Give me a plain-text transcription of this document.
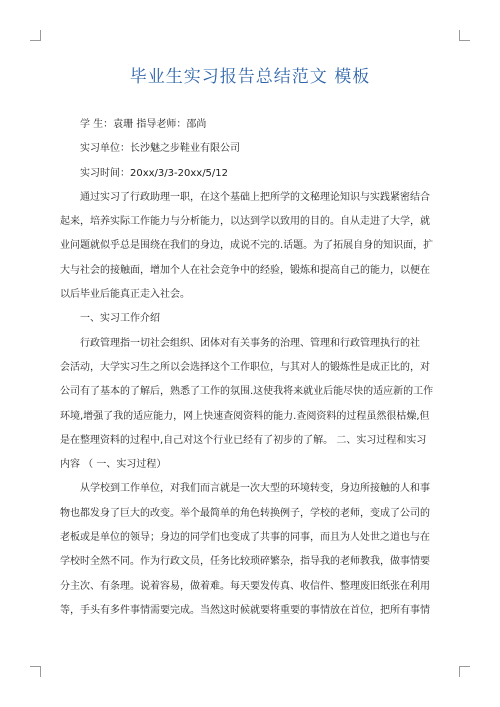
毕业生实习报告总结范文 模板
学 生：袁珊 指导老师：邵尚
实习单位：长沙魅之步鞋业有限公司
实习时间：20xx/3/3-20xx/5/12
　　通过实习了行政助理一职，在这个基础上把所学的文秘理论知识与实践紧密结合
起来，培养实际工作能力与分析能力，以达到学以致用的目的。自从走进了大学，就
业问题就似乎总是围绕在我们的身边，成说不完的.话题。为了拓展自身的知识面，扩
大与社会的接触面，增加个人在社会竞争中的经验，锻炼和提高自己的能力，以便在
以后毕业后能真正走入社会。
　　一、实习工作介绍
　　行政管理指一切社会组织、团体对有关事务的治理、管理和行政管理执行的社
会活动，大学实习生之所以会选择这个工作职位，与其对人的锻炼性是成正比的，对
公司有了基本的了解后，熟悉了工作的氛围.这使我将来就业后能尽快的适应新的工作
环境,增强了我的适应能力，网上快速查阅资料的能力.查阅资料的过程虽然很枯燥,但
是在整理资料的过程中,自己对这个行业已经有了初步的了解。 二、实习过程和实习
内容 （ 一、实习过程）
　　从学校到工作单位，对我们而言就是一次大型的环境转变，身边所接触的人和事
物也都发身了巨大的改变。举个最简单的角色转换例子，学校的老师，变成了公司的
老板或是单位的领导；身边的同学们也变成了共事的同事，而且为人处世之道也与在
学校时全然不同。作为行政文员，任务比较琐碎繁杂，指导我的老师教我，做事情要
分主次、有条理。说着容易，做着难。每天要发传真、收信件、整理废旧纸张在利用
等，手头有多件事情需要完成。当然这时候就要将重要的事情放在首位，把所有事情
